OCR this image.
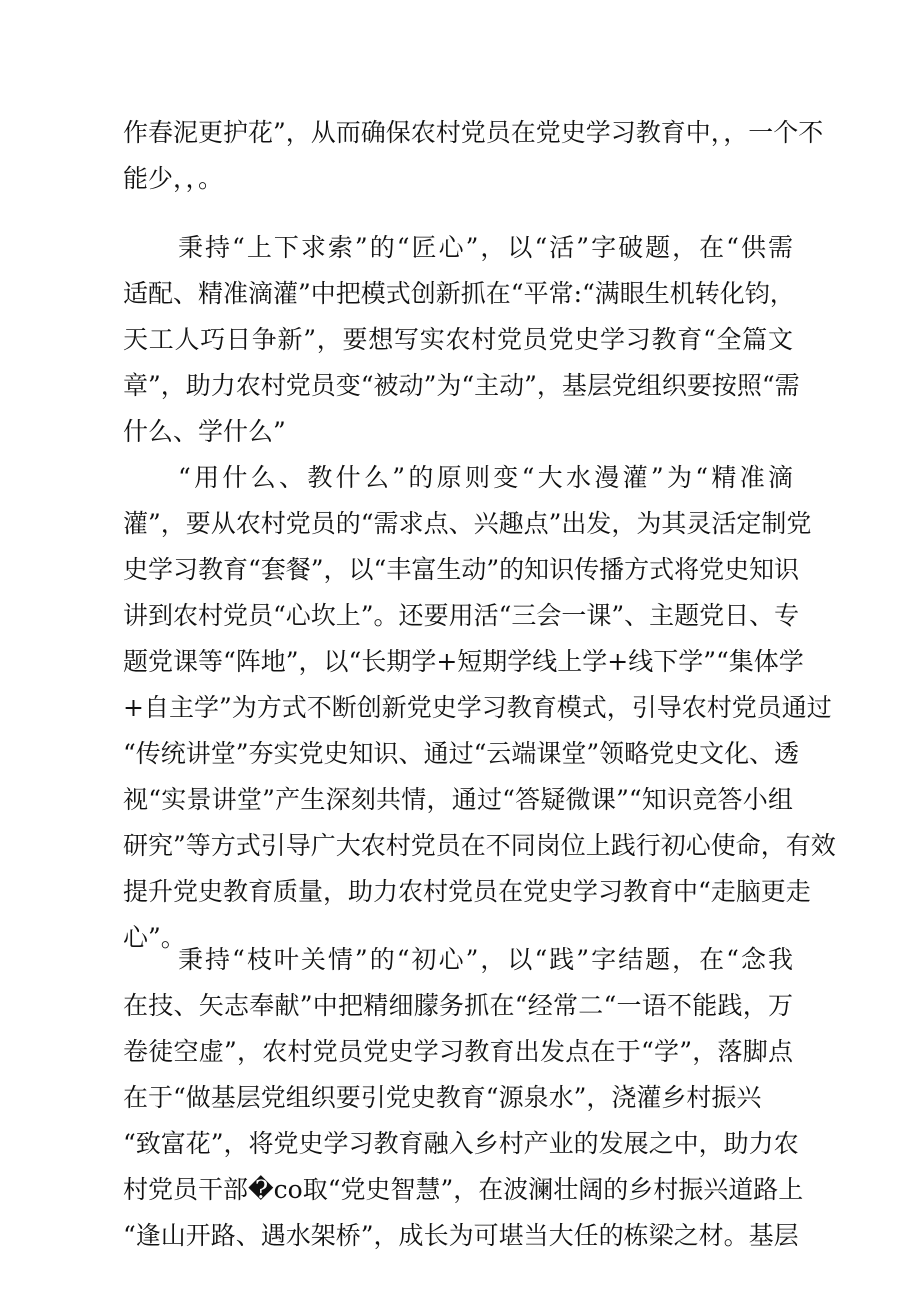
作春泥更护花”，从而确保农村党员在党史学习教育中，，一个不
能少，，。
秉持“上下求索”的“匠心”，以“活”字破题，在“供需
适配、精准滴灌”中把模式创新抓在“平常:“满眼生机转化钧，
天工人巧日争新”，要想写实农村党员党史学习教育“全篇文
章”，助力农村党员变“被动”为“主动”，基层党组织要按照“需
什么、学什么”
“用什么、教什么”的原则变“大水漫灌”为“精准滴
灌”，要从农村党员的“需求点、兴趣点”出发，为其灵活定制党
史学习教育“套餐”，以“丰富生动”的知识传播方式将党史知识
讲到农村党员“心坎上”。还要用活“三会一课”、主题党日、专
题党课等“阵地”，以“长期学+短期学线上学+线下学”“集体学
+自主学”为方式不断创新党史学习教育模式，引导农村党员通过
“传统讲堂”夯实党史知识、通过“云端课堂”领略党史文化、透
视“实景讲堂”产生深刻共情，通过“答疑微课”“知识竞答小组
研究”等方式引导广大农村党员在不同岗位上践行初心使命，有效
提升党史教育质量，助力农村党员在党史学习教育中“走脑更走
心”。
秉持“枝叶关情”的“初心”，以“践”字结题，在“念我
在技、矢志奉献”中把精细朦务抓在“经常二“一语不能践，万
卷徒空虚”，农村党员党史学习教育出发点在于“学”，落脚点
在于“做基层党组织要引党史教育“源泉水”，浇灌乡村振兴
“致富花”，将党史学习教育融入乡村产业的发展之中，助力农
村党员干部�co取“党史智慧”，在波澜壮阔的乡村振兴道路上
“逢山开路、遇水架桥”，成长为可堪当大任的栋梁之材。基层
